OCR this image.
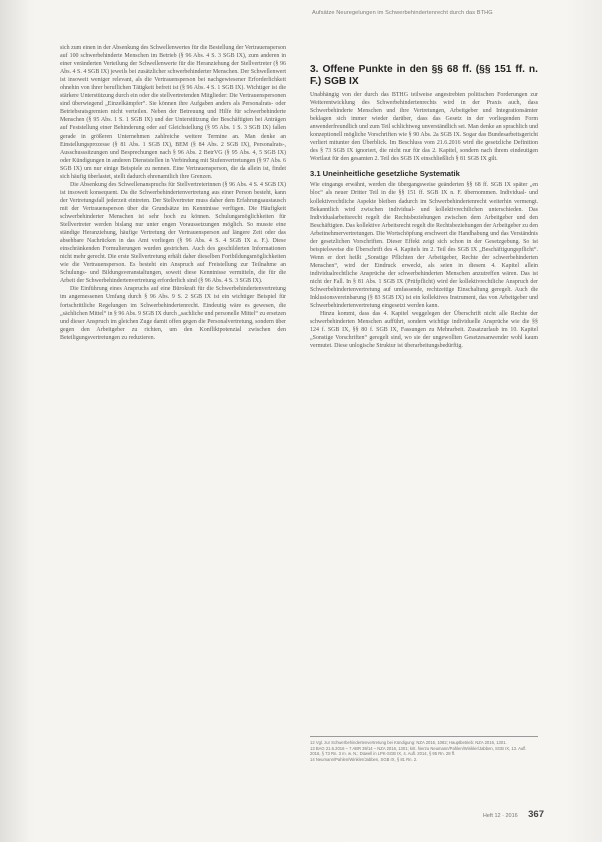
Aufsätze Neuregelungen im Schwerbehindertenrecht durch das BTHG

sich zum einen in der Absenkung des Schwellenwertes für die Bestellung der Vertrauensperson auf 100 schwerbehinderte Menschen im Betrieb (§ 96 Abs. 4 S. 3 SGB IX), zum anderen in einer veränderten Verteilung der Schwellenwerte für die Heranziehung der Stellvertreter (§ 96 Abs. 4 S. 4 SGB IX) jeweils bei zusätzlicher schwerbehinderter Menschen. Der Schwellenwert ist insoweit weniger relevant, als die Vertrauensperson bei nachgewiesener Erforderlichkeit ohnehin von ihrer beruflichen Tätigkeit befreit ist (§ 96 Abs. 4 S. 1 SGB IX). Wichtiger ist die stärkere Unterstützung durch ein oder die stellvertretenden Mitglieder: Die Vertrauenspersonen sind überwiegend „Einzelkämpfer“. Sie können ihre Aufgaben anders als Personalrats- oder Betriebsratsgremien nicht verteilen. Neben der Betreuung und Hilfe für schwerbehinderte Menschen (§ 95 Abs. 1 S. 1 SGB IX) und der Unterstützung der Beschäftigten bei Anträgen auf Feststellung einer Behinderung oder auf Gleichstellung (§ 95 Abs. 1 S. 3 SGB IX) fallen gerade in größeren Unternehmen zahlreiche weitere Termine an. Man denke an Einstellungsprozesse (§ 81 Abs. 1 SGB IX), BEM (§ 84 Abs. 2 SGB IX), Personalrats-, Ausschusssitzungen und Besprechungen nach § 96 Abs. 2 BetrVG (§ 95 Abs. 4, 5 SGB IX) oder Kündigungen in anderen Dienststellen in Verbindung mit Stufenvertretungen (§ 97 Abs. 6 SGB IX) um nur einige Beispiele zu nennen. Eine Vertrauensperson, die da allein ist, findet sich häufig überlastet, stellt dadurch ehrenamtlich ihre Grenzen.

Die Absenkung des Schwellenanspruchs für Stellvertreterinnen (§ 96 Abs. 4 S. 4 SGB IX) ist insoweit konsequent. Da die Schwerbehindertenvertretung aus einer Person besteht, kann der Vertretungsfall jederzeit eintreten. Der Stellvertreter muss daher dem Erfahrungsaustausch mit der Vertrauensperson über die Grundsätze im Kenntnisse verfügen. Die Häufigkeit schwerbehinderter Menschen ist sehr hoch zu können. Schulungsmöglichkeiten für Stellvertreter werden bislang nur unter engen Voraussetzungen möglich. So musste eine ständige Heranziehung, häufige Vertretung der Vertrauensperson auf längere Zeit oder das absehbare Nachrücken in das Amt vorliegen (§ 96 Abs. 4 S. 4 SGB IX a. F.). Diese einschränkenden Formulierungen wurden gestrichen. Auch des geschilderten Informationen nicht mehr gerecht. Die erste Stellvertretung erhält daher dieselben Fortbildungsmöglichkeiten wie die Vertrauensperson. Es besteht ein Anspruch auf Freistellung zur Teilnahme an Schulungs- und Bildungsveranstaltungen, soweit diese Kenntnisse vermitteln, die für die Arbeit der Schwerbehindertenvertretung erforderlich sind (§ 96 Abs. 4 S. 3 SGB IX).

Die Einführung eines Anspruchs auf eine Bürokraft für die Schwerbehindertenvertretung im angemessenen Umfang durch § 96 Abs. 9 S. 2 SGB IX ist ein wichtiger Beispiel für fortschrittliche Regelungen im Schwerbehindertenrecht. Eindeutig wäre es gewesen, die „sächlichen Mittel“ in § 96 Abs. 9 SGB IX durch „sachliche und personelle Mittel“ zu ersetzen und dieser Anspruch im gleichen Zuge damit offen gegen die Personalvertretung, sondern über gegen den Arbeitgeber zu richten, um den Konfliktpotenzial zwischen den Beteiligungsvertretungen zu reduzieren.

3. Offene Punkte in den §§ 68 ff. (§§ 151 ff. n. F.) SGB IX

Unabhängig von der durch das BTHG teilweise angestrebten politischen Forderungen zur Weiterentwicklung des Schwerbehindertenrechts wird in der Praxis auch, dass Schwerbehinderte Menschen und ihre Vertretungen, Arbeitgeber und Integrationsämter beklagen sich immer wieder darüber, dass das Gesetz in der vorliegenden Form anwenderfreundlich und zum Teil schlichtweg unverständlich sei. Man denke an sprachlich und konzeptionell mögliche Vorschriften wie § 90 Abs. 2a SGB IX. Sogar das Bundesarbeitsgericht verliert mitunter den Überblick. Im Beschluss vom 21.6.2016 wird die gesetzliche Definition des § 73 SGB IX ignoriert, die nicht nur für das 2. Kapitel, sondern nach ihrem eindeutigen Wortlaut für den gesamten 2. Teil des SGB IX einschließlich § 81 SGB IX gilt.

3.1 Uneinheitliche gesetzliche Systematik

Wie eingangs erwähnt, werden die übergangsweise geänderten §§ 68 ff. SGB IX später „en bloc“ als neuer Dritter Teil in die §§ 151 ff. SGB IX n. F. übernommen. Individual- und kollektivrechtliche Aspekte bleiben dadurch im Schwerbehindertenrecht weiterhin vermengt. Bekanntlich wird zwischen individual- und kollektivrechtlichen unterschieden. Das Individualarbeitsrecht regelt die Rechtsbeziehungen zwischen dem Arbeitgeber und den Beschäftigten. Das kollektive Arbeitsrecht regelt die Rechtsbeziehungen der Arbeitgeber zu den Arbeitnehmervertretungen. Die Wortschöpfung erschwert die Handhabung und das Verständnis der gesetzlichen Vorschriften. Dieser Effekt zeigt sich schon in der Gesetzgebung. So ist beispielsweise die Überschrift des 4. Kapitels im 2. Teil des SGB IX „Beschäftigungspflicht“. Wenn er dort heißt „Sonstige Pflichten der Arbeitgeber, Rechte der schwerbehinderten Menschen“, wird der Eindruck erweckt, als seien in diesem 4. Kapitel allein individualrechtliche Ansprüche der schwerbehinderten Menschen anzutreffen wären. Das ist nicht der Fall. In § 81 Abs. 1 SGB IX (Prüfpflicht) wird der kollektivrechtliche Anspruch der Schwerbehindertenvertretung auf umfassende, rechtzeitige Einschaltung geregelt. Auch die Inklusionsvereinbarung (§ 83 SGB IX) ist ein kollektives Instrument, das von Arbeitgeber und Schwerbehindertenvertretung eingesetzt werden kann.

Hinzu kommt, dass das 4. Kapitel weggelegen der Überschrift nicht alle Rechte der schwerbehinderten Menschen aufführt, sondern wichtige individuelle Ansprüche wie die §§ 124 f. SGB IX, §§ 80 f. SGB IX, Fassungen zu Mehrarbeit. Zusatzurlaub im 10. Kapitel „Sonstige Vorschriften“ geregelt sind, wo sie der ungewollten Gesetzesanwender wohl kaum vermutet. Diese unlogische Struktur ist überarbeitungsbedürftig.

12 Vgl. zur Schwerbehindertenvertretung bei Kündigung: NZA 2016, 1082; Hauptbetrieb: NZA 2016, 1301.
13 BAG 21.6.2016 – 7 ABR 39/14 – NZA 2016, 1301; krit. hierzu Neumann/Pahlen/Winkler/Jabben, SGB IX, 13. Aufl. 2016, § 73 Rn. 3 m. w. N.; Düwell in LPK-SGB IX, 4. Aufl. 2014, § 95 Rn. 28 ff.
14 Neumann/Pahlen/Winkler/Jabben, SGB IX, § 81 Rn. 2.
Heft 12 · 2016 367
